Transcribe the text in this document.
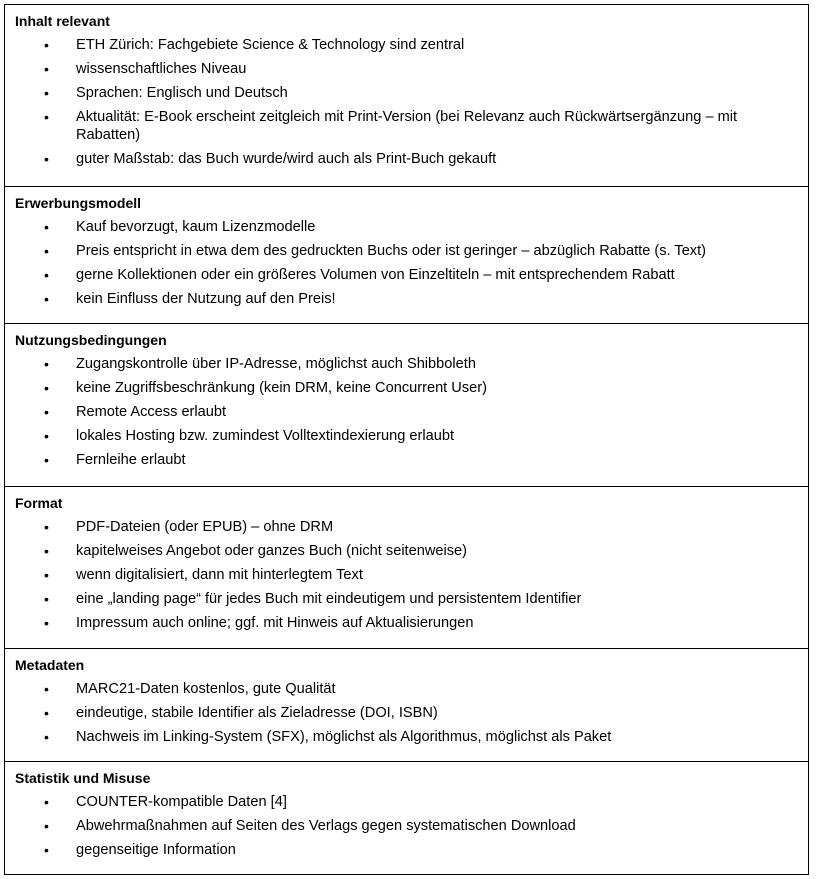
Inhalt relevant
• ETH Zürich: Fachgebiete Science & Technology sind zentral
• wissenschaftliches Niveau
• Sprachen: Englisch und Deutsch
• Aktualität: E-Book erscheint zeitgleich mit Print-Version (bei Relevanz auch Rückwärtsergänzung – mit Rabatten)
• guter Maßstab: das Buch wurde/wird auch als Print-Buch gekauft
Erwerbungsmodell
• Kauf bevorzugt, kaum Lizenzmodelle
• Preis entspricht in etwa dem des gedruckten Buchs oder ist geringer – abzüglich Rabatte (s. Text)
• gerne Kollektionen oder ein größeres Volumen von Einzeltiteln – mit entsprechendem Rabatt
• kein Einfluss der Nutzung auf den Preis!
Nutzungsbedingungen
• Zugangskontrolle über IP-Adresse, möglichst auch Shibboleth
• keine Zugriffsbeschränkung (kein DRM, keine Concurrent User)
• Remote Access erlaubt
• lokales Hosting bzw. zumindest Volltextindexierung erlaubt
• Fernleihe erlaubt
Format
• PDF-Dateien (oder EPUB) – ohne DRM
• kapitelweises Angebot oder ganzes Buch (nicht seitenweise)
• wenn digitalisiert, dann mit hinterlegtem Text
• eine „landing page“ für jedes Buch mit eindeutigem und persistentem Identifier
• Impressum auch online; ggf. mit Hinweis auf Aktualisierungen
Metadaten
• MARC21-Daten kostenlos, gute Qualität
• eindeutige, stabile Identifier als Zieladresse (DOI, ISBN)
• Nachweis im Linking-System (SFX), möglichst als Algorithmus, möglichst als Paket
Statistik und Misuse
• COUNTER-kompatible Daten [4]
• Abwehrmaßnahmen auf Seiten des Verlags gegen systematischen Download
• gegenseitige Information
